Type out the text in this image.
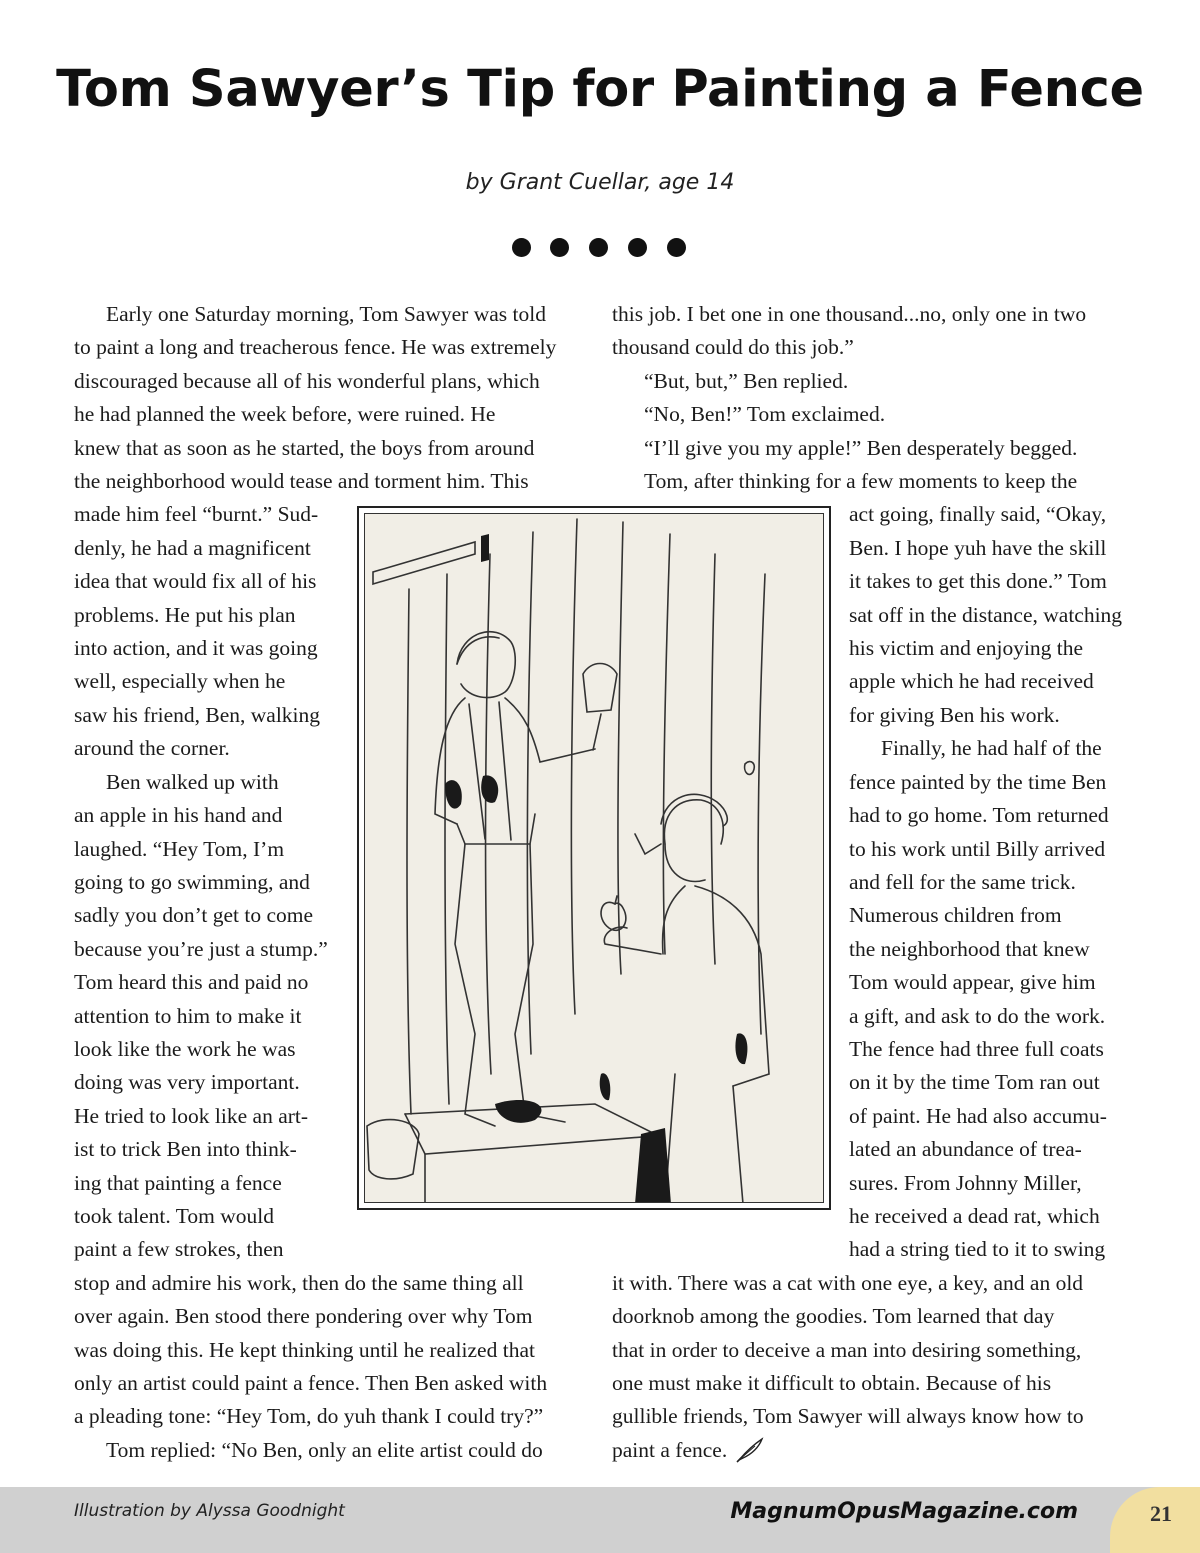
Tom Sawyer’s Tip for Painting a Fence
by Grant Cuellar, age 14
Early one Saturday morning, Tom Sawyer was told
to paint a long and treacherous fence. He was extremely
discouraged because all of his wonderful plans, which
he had planned the week before, were ruined. He
knew that as soon as he started, the boys from around
the neighborhood would tease and torment him. This
made him feel “burnt.” Sud-
denly, he had a magnificent
idea that would fix all of his
problems. He put his plan
into action, and it was going
well, especially when he
saw his friend, Ben, walking
around the corner.
Ben walked up with
an apple in his hand and
laughed. “Hey Tom, I’m
going to go swimming, and
sadly you don’t get to come
because you’re just a stump.”
Tom heard this and paid no
attention to him to make it
look like the work he was
doing was very important.
He tried to look like an art-
ist to trick Ben into think-
ing that painting a fence
took talent. Tom would
paint a few strokes, then
stop and admire his work, then do the same thing all
over again. Ben stood there pondering over why Tom
was doing this. He kept thinking until he realized that
only an artist could paint a fence. Then Ben asked with
a pleading tone: “Hey Tom, do yuh thank I could try?”
Tom replied: “No Ben, only an elite artist could do
this job. I bet one in one thousand...no, only one in two
thousand could do this job.”
“But, but,” Ben replied.
“No, Ben!” Tom exclaimed.
“I’ll give you my apple!” Ben desperately begged.
Tom, after thinking for a few moments to keep the
act going, finally said, “Okay,
Ben. I hope yuh have the skill
it takes to get this done.” Tom
sat off in the distance, watching
his victim and enjoying the
apple which he had received
for giving Ben his work.
Finally, he had half of the
fence painted by the time Ben
had to go home. Tom returned
to his work until Billy arrived
and fell for the same trick.
Numerous children from
the neighborhood that knew
Tom would appear, give him
a gift, and ask to do the work.
The fence had three full coats
on it by the time Tom ran out
of paint. He had also accumu-
lated an abundance of trea-
sures. From Johnny Miller,
he received a dead rat, which
had a string tied to it to swing
it with. There was a cat with one eye, a key, and an old
doorknob among the goodies. Tom learned that day
that in order to deceive a man into desiring something,
one must make it difficult to obtain. Because of his
gullible friends, Tom Sawyer will always know how to
paint a fence.
Illustration by Alyssa Goodnight	MagnumOpusMagazine.com	21
